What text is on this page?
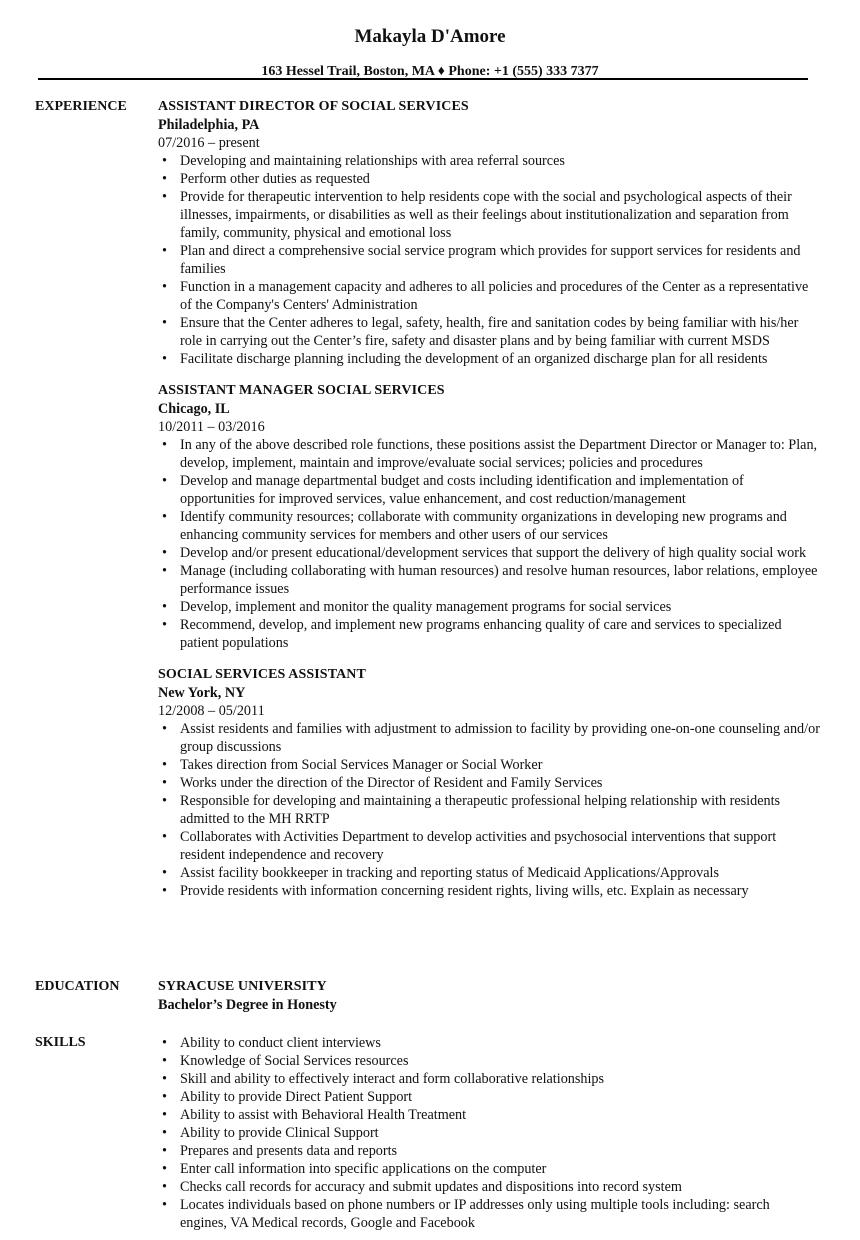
Makayla D'Amore
163 Hessel Trail, Boston, MA ♦ Phone: +1 (555) 333 7377
EXPERIENCE	ASSISTANT DIRECTOR OF SOCIAL SERVICES
Philadelphia, PA
07/2016 – present
• Developing and maintaining relationships with area referral sources
• Perform other duties as requested
• Provide for therapeutic intervention to help residents cope with the social and psychological aspects of their illnesses, impairments, or disabilities as well as their feelings about institutionalization and separation from family, community, physical and emotional loss
• Plan and direct a comprehensive social service program which provides for support services for residents and families
• Function in a management capacity and adheres to all policies and procedures of the Center as a representative of the Company's Centers' Administration
• Ensure that the Center adheres to legal, safety, health, fire and sanitation codes by being familiar with his/her role in carrying out the Center’s fire, safety and disaster plans and by being familiar with current MSDS
• Facilitate discharge planning including the development of an organized discharge plan for all residents
ASSISTANT MANAGER SOCIAL SERVICES
Chicago, IL
10/2011 – 03/2016
• In any of the above described role functions, these positions assist the Department Director or Manager to: Plan, develop, implement, maintain and improve/evaluate social services; policies and procedures
• Develop and manage departmental budget and costs including identification and implementation of opportunities for improved services, value enhancement, and cost reduction/management
• Identify community resources; collaborate with community organizations in developing new programs and enhancing community services for members and other users of our services
• Develop and/or present educational/development services that support the delivery of high quality social work
• Manage (including collaborating with human resources) and resolve human resources, labor relations, employee performance issues
• Develop, implement and monitor the quality management programs for social services
• Recommend, develop, and implement new programs enhancing quality of care and services to specialized patient populations
SOCIAL SERVICES ASSISTANT
New York, NY
12/2008 – 05/2011
• Assist residents and families with adjustment to admission to facility by providing one-on-one counseling and/or group discussions
• Takes direction from Social Services Manager or Social Worker
• Works under the direction of the Director of Resident and Family Services
• Responsible for developing and maintaining a therapeutic professional helping relationship with residents admitted to the MH RRTP
• Collaborates with Activities Department to develop activities and psychosocial interventions that support resident independence and recovery
• Assist facility bookkeeper in tracking and reporting status of Medicaid Applications/Approvals
• Provide residents with information concerning resident rights, living wills, etc. Explain as necessary
EDUCATION	SYRACUSE UNIVERSITY
Bachelor’s Degree in Honesty
SKILLS	• Ability to conduct client interviews
• Knowledge of Social Services resources
• Skill and ability to effectively interact and form collaborative relationships
• Ability to provide Direct Patient Support
• Ability to assist with Behavioral Health Treatment
• Ability to provide Clinical Support
• Prepares and presents data and reports
• Enter call information into specific applications on the computer
• Checks call records for accuracy and submit updates and dispositions into record system
• Locates individuals based on phone numbers or IP addresses only using multiple tools including: search engines, VA Medical records, Google and Facebook
